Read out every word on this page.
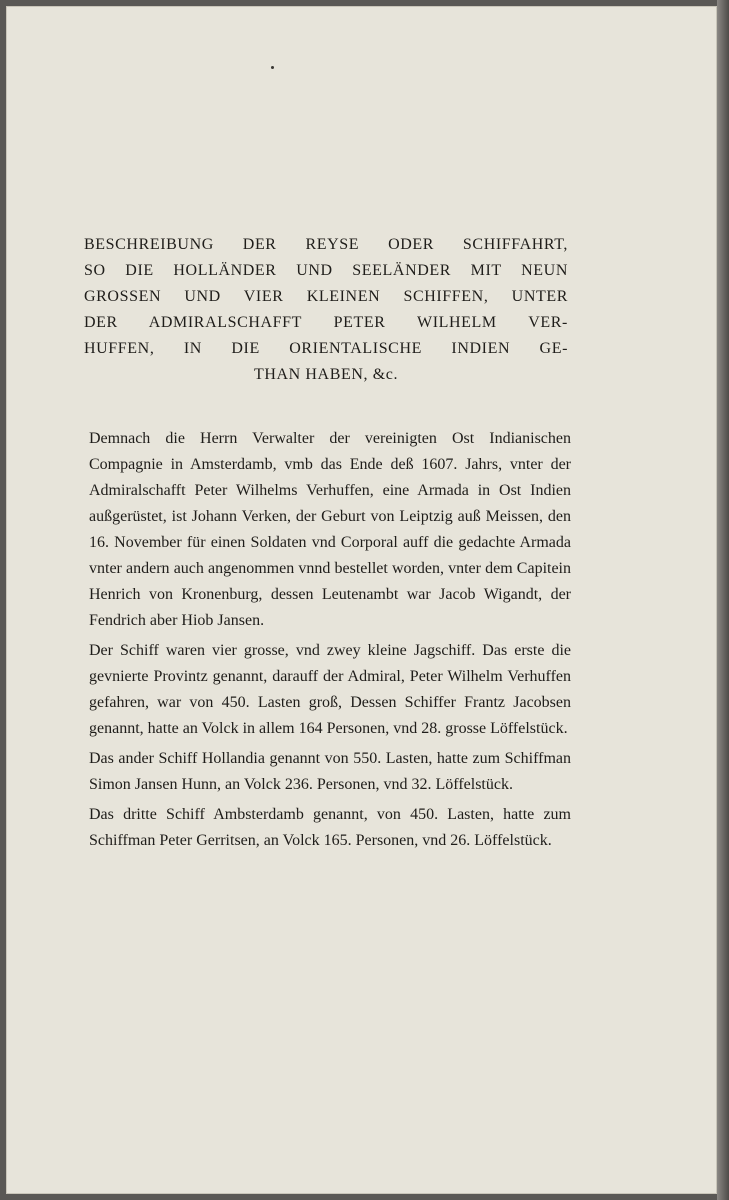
BESCHREIBUNG DER REYSE ODER SCHIFFAHRT,
SO DIE HOLLÄNDER UND SEELÄNDER MIT NEUN
GROSSEN UND VIER KLEINEN SCHIFFEN, UNTER
DER ADMIRALSCHAFFT PETER WILHELM VER-
HUFFEN, IN DIE ORIENTALISCHE INDIEN GE-
THAN HABEN, &c.

Demnach die Herrn Verwalter der vereinigten Ost Indianischen Compagnie in Amsterdamb, vmb das Ende deß 1607. Jahrs, vnter der Admiralschafft Peter Wilhelms Verhuffen, eine Armada in Ost Indien außgerüstet, ist Johann Verken, der Geburt von Leiptzig auß Meissen, den 16. November für einen Soldaten vnd Corporal auff die gedachte Armada vnter andern auch angenommen vnnd bestellet worden, vnter dem Capitein Henrich von Kronenburg, dessen Leutenambt war Jacob Wigandt, der Fendrich aber Hiob Jansen.

Der Schiff waren vier grosse, vnd zwey kleine Jagschiff. Das erste die gevnierte Provintz genannt, darauff der Admiral, Peter Wilhelm Verhuffen gefahren, war von 450. Lasten groß, Dessen Schiffer Frantz Jacobsen genannt, hatte an Volck in allem 164 Personen, vnd 28. grosse Löffelstück.

Das ander Schiff Hollandia genannt von 550. Lasten, hatte zum Schiffman Simon Jansen Hunn, an Volck 236. Personen, vnd 32. Löffelstück.

Das dritte Schiff Ambsterdamb genannt, von 450. Lasten, hatte zum Schiffman Peter Gerritsen, an Volck 165. Personen, vnd 26. Löffelstück.
